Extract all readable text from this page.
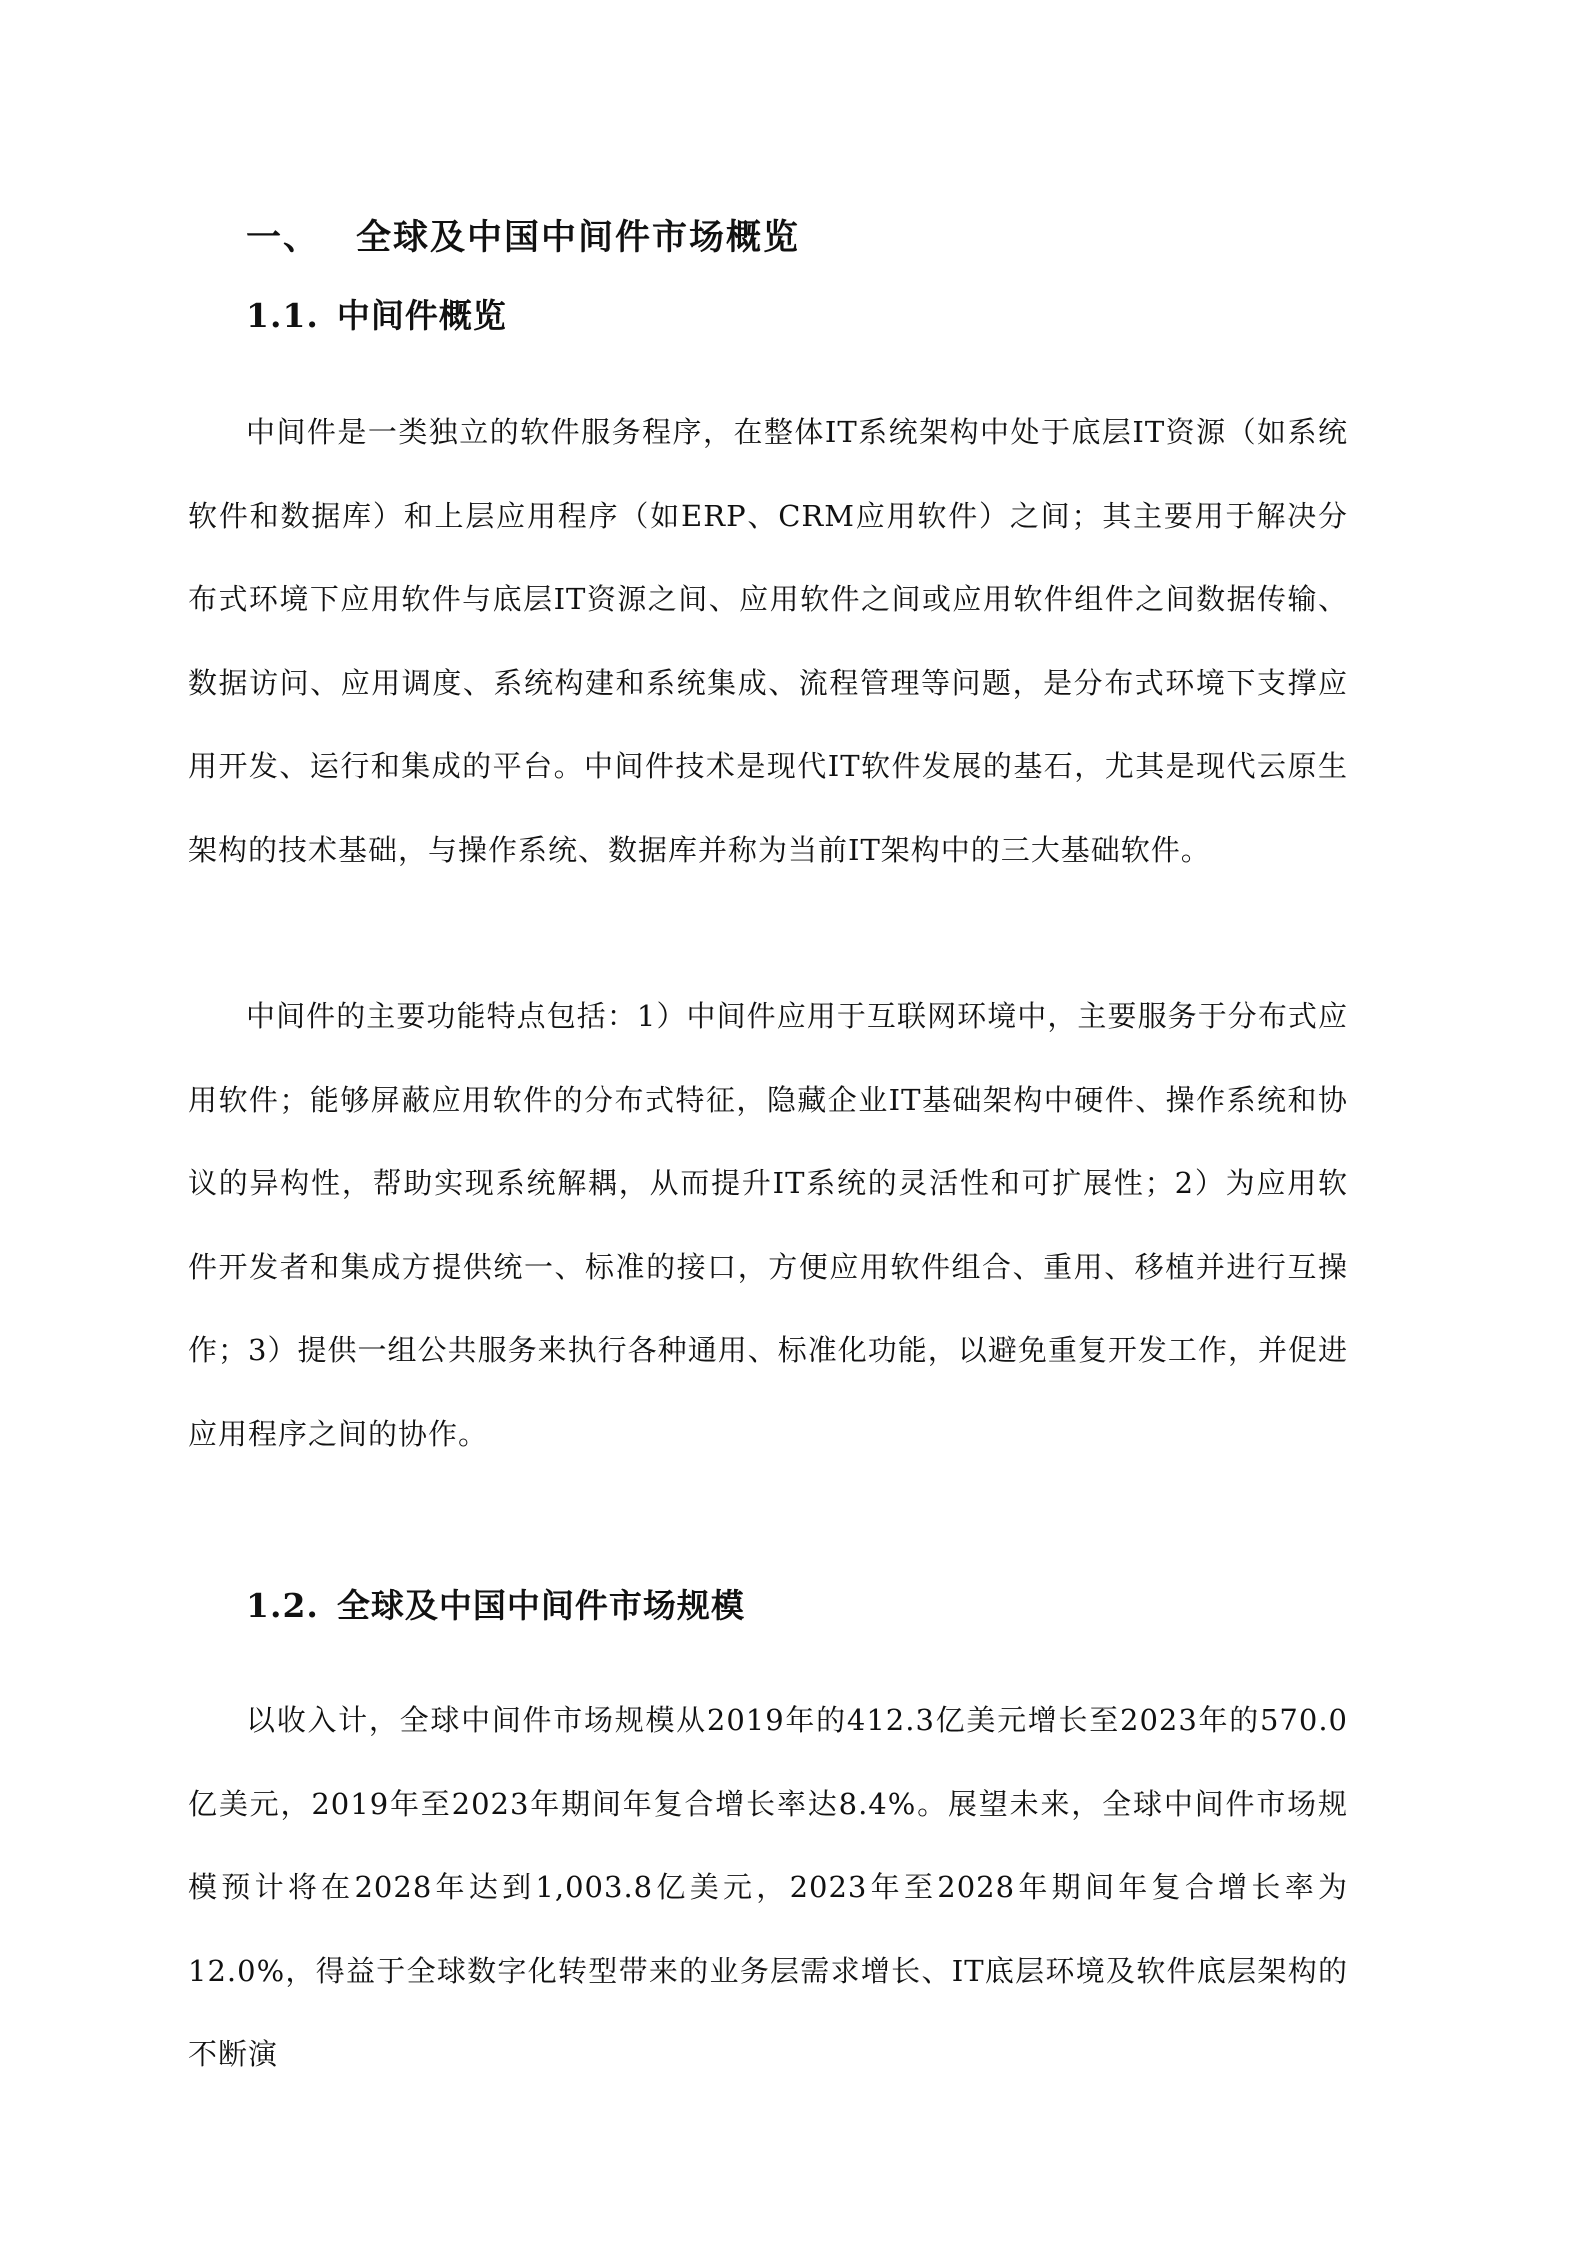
一、 全球及中国中间件市场概览
1.1. 中间件概览

中间件是一类独立的软件服务程序，在整体IT系统架构中处于底层IT资源（如系统软件和数据库）和上层应用程序（如ERP、CRM应用软件）之间；其主要用于解决分布式环境下应用软件与底层IT资源之间、应用软件之间或应用软件组件之间数据传输、数据访问、应用调度、系统构建和系统集成、流程管理等问题，是分布式环境下支撑应用开发、运行和集成的平台。中间件技术是现代IT软件发展的基石，尤其是现代云原生架构的技术基础，与操作系统、数据库并称为当前IT架构中的三大基础软件。

中间件的主要功能特点包括：1）中间件应用于互联网环境中，主要服务于分布式应用软件；能够屏蔽应用软件的分布式特征，隐藏企业IT基础架构中硬件、操作系统和协议的异构性，帮助实现系统解耦，从而提升IT系统的灵活性和可扩展性；2）为应用软件开发者和集成方提供统一、标准的接口，方便应用软件组合、重用、移植并进行互操作；3）提供一组公共服务来执行各种通用、标准化功能，以避免重复开发工作，并促进应用程序之间的协作。

1.2. 全球及中国中间件市场规模

以收入计，全球中间件市场规模从2019年的412.3亿美元增长至2023年的570.0亿美元，2019年至2023年期间年复合增长率达8.4%。展望未来，全球中间件市场规模预计将在2028年达到1,003.8亿美元，2023年至2028年期间年复合增长率为12.0%，得益于全球数字化转型带来的业务层需求增长、IT底层环境及软件底层架构的不断演
